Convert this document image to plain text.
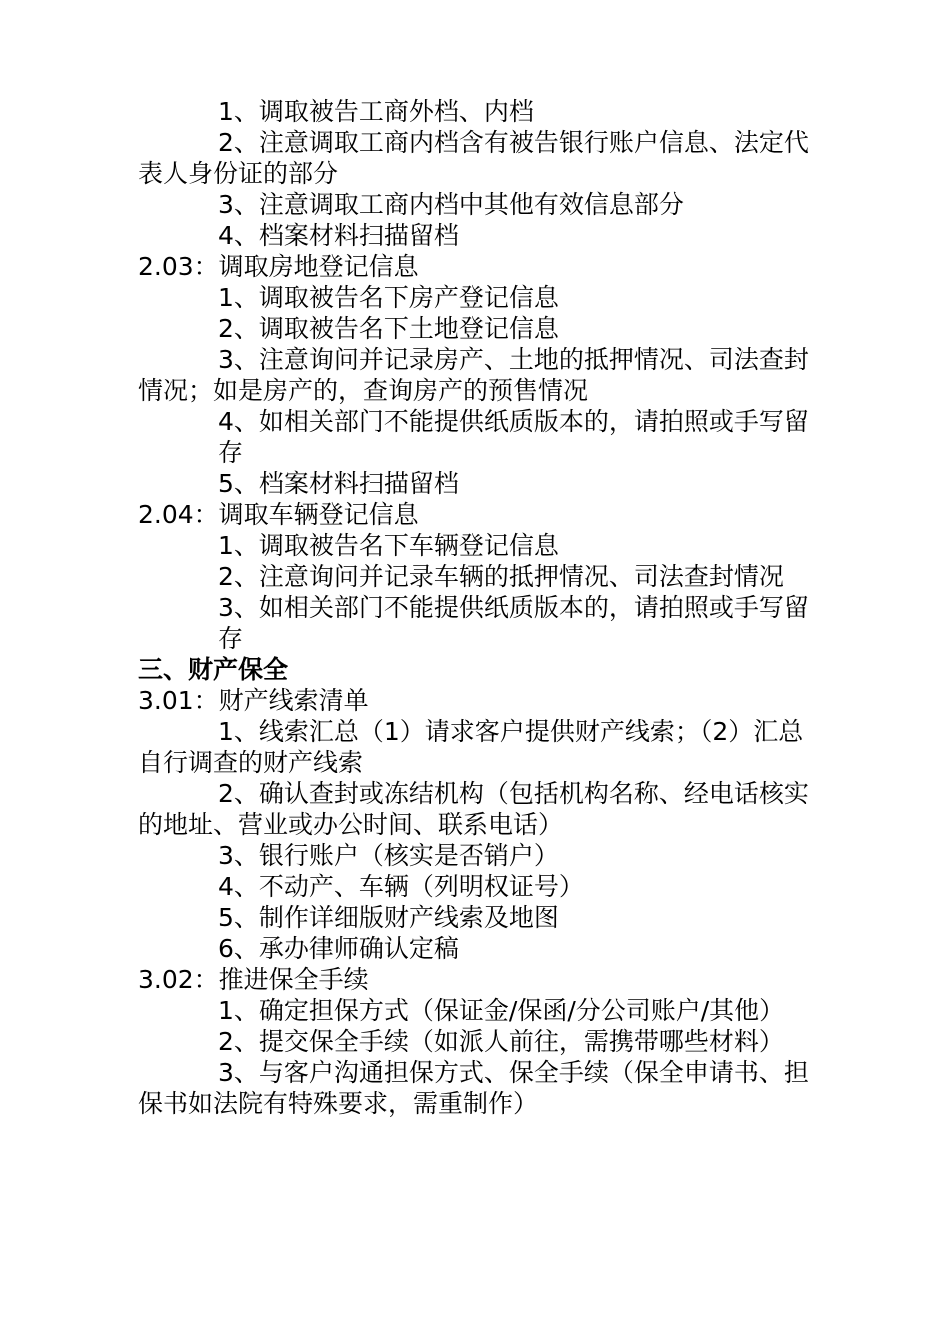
1、调取被告工商外档、内档

2、注意调取工商内档含有被告银行账户信息、法定代表人身份证的部分

3、注意调取工商内档中其他有效信息部分

4、档案材料扫描留档

2.03：调取房地登记信息

1、调取被告名下房产登记信息

2、调取被告名下土地登记信息

3、注意询问并记录房产、土地的抵押情况、司法查封情况；如是房产的，查询房产的预售情况

4、如相关部门不能提供纸质版本的，请拍照或手写留存

5、档案材料扫描留档

2.04：调取车辆登记信息

1、调取被告名下车辆登记信息

2、注意询问并记录车辆的抵押情况、司法查封情况

3、如相关部门不能提供纸质版本的，请拍照或手写留存

三、财产保全

3.01：财产线索清单

1、线索汇总（1）请求客户提供财产线索；（2）汇总自行调查的财产线索

2、确认查封或冻结机构（包括机构名称、经电话核实的地址、营业或办公时间、联系电话）

3、银行账户（核实是否销户）

4、不动产、车辆（列明权证号）

5、制作详细版财产线索及地图

6、承办律师确认定稿

3.02：推进保全手续

1、确定担保方式（保证金/保函/分公司账户/其他）

2、提交保全手续（如派人前往，需携带哪些材料）

3、与客户沟通担保方式、保全手续（保全申请书、担保书如法院有特殊要求，需重制作）
